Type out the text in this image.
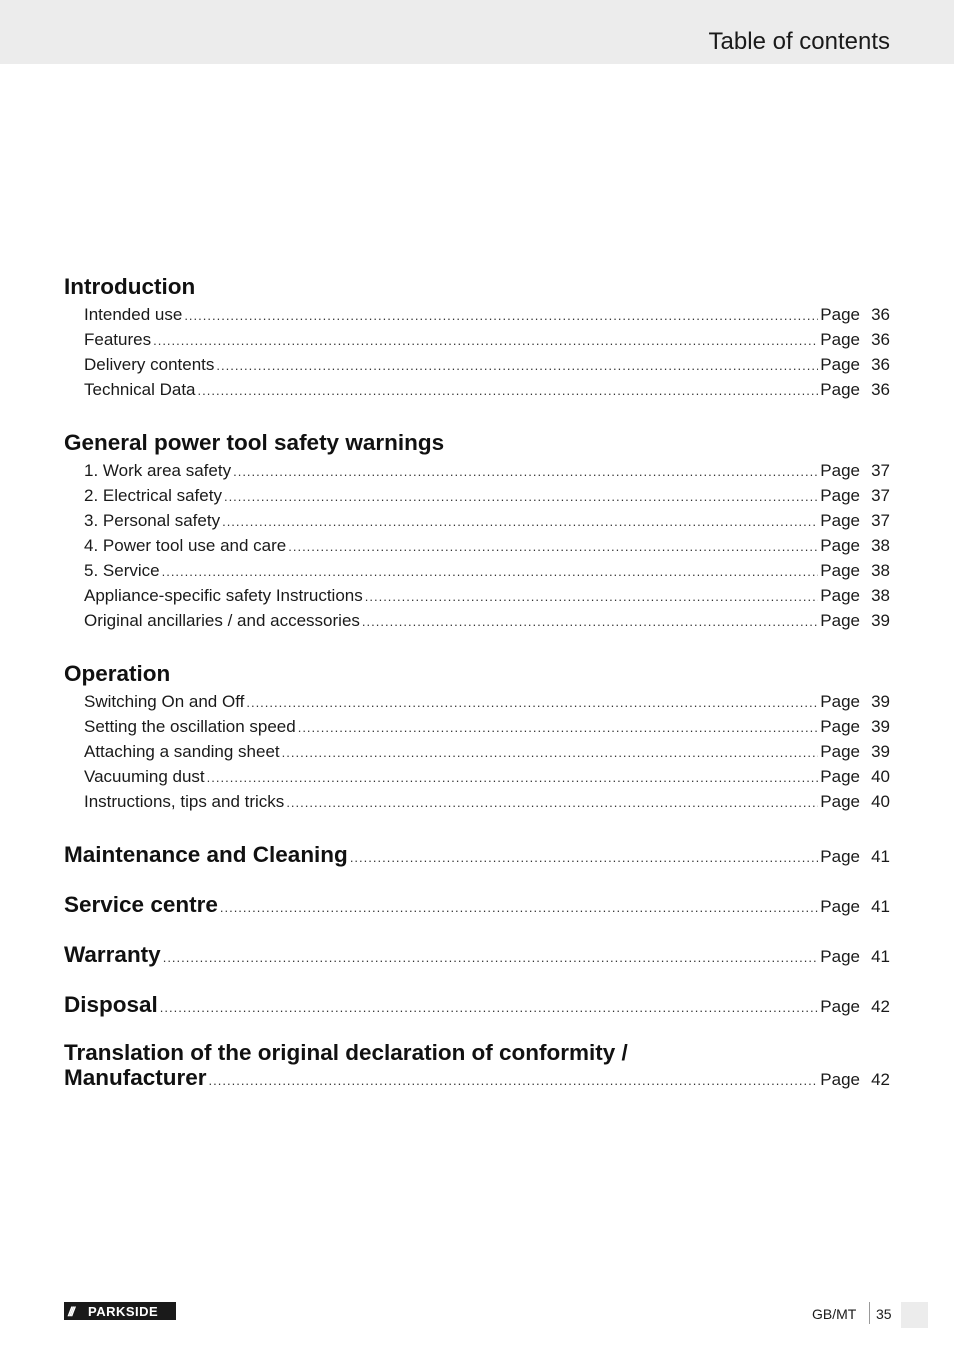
Table of contents
Introduction
Intended use .....	Page 36
Features .....	Page 36
Delivery contents .....	Page 36
Technical Data .....	Page 36
General power tool safety warnings
1. Work area safety .....	Page 37
2. Electrical safety .....	Page 37
3. Personal safety .....	Page 37
4. Power tool use and care .....	Page 38
5. Service .....	Page 38
Appliance-specific safety Instructions .....	Page 38
Original ancillaries / and accessories .....	Page 39
Operation
Switching On and Off .....	Page 39
Setting the oscillation speed .....	Page 39
Attaching a sanding sheet .....	Page 39
Vacuuming dust .....	Page 40
Instructions, tips and tricks .....	Page 40
Maintenance and Cleaning .....	Page 41
Service centre .....	Page 41
Warranty .....	Page 41
Disposal .....	Page 42
Translation of the original declaration of conformity /
Manufacturer .....	Page 42
///	PARKSIDE	GB/MT 35
